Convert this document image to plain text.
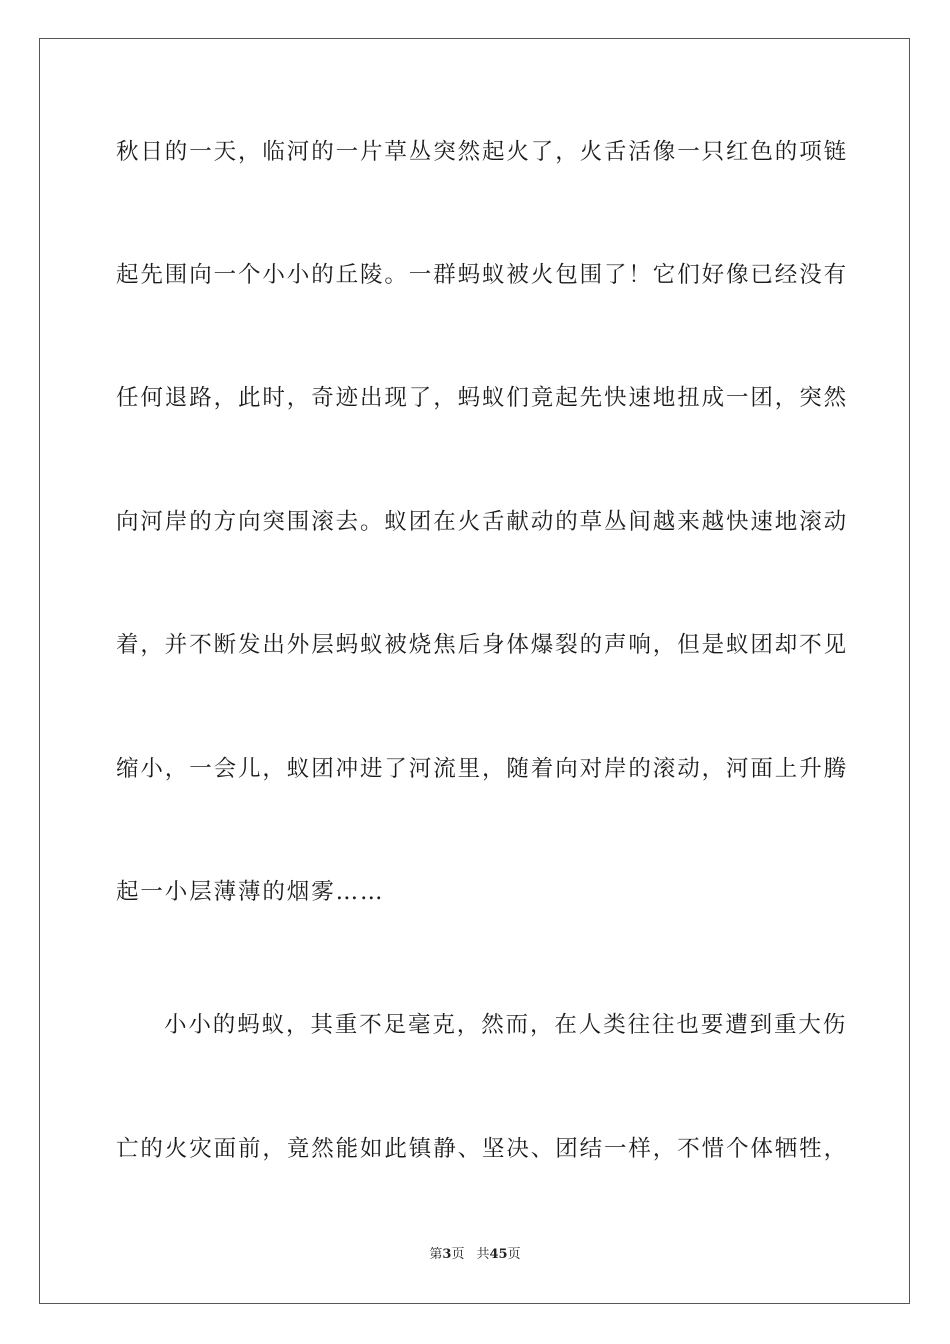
秋日的一天，临河的一片草丛突然起火了，火舌活像一只红色的项链
起先围向一个小小的丘陵。一群蚂蚁被火包围了！它们好像已经没有
任何退路，此时，奇迹出现了，蚂蚁们竟起先快速地扭成一团，突然
向河岸的方向突围滚去。蚁团在火舌献动的草丛间越来越快速地滚动
着，并不断发出外层蚂蚁被烧焦后身体爆裂的声响，但是蚁团却不见
缩小，一会儿，蚁团冲进了河流里，随着向对岸的滚动，河面上升腾
起一小层薄薄的烟雾……
小小的蚂蚁，其重不足毫克，然而，在人类往往也要遭到重大伤
亡的火灾面前，竟然能如此镇静、坚决、团结一样，不惜个体牺牲，
第3页 共45页
